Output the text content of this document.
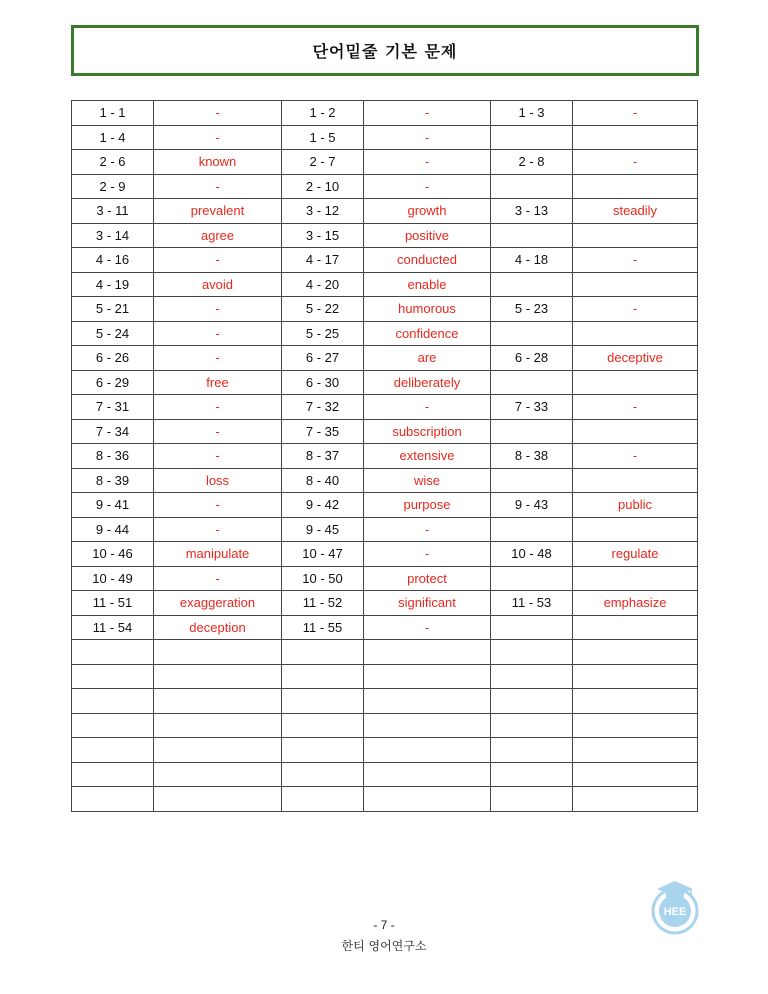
단어밑줄 기본 문제
1 - 1	-	1 - 2	-	1 - 3	-
1 - 4	-	1 - 5	-		
2 - 6	known	2 - 7	-	2 - 8	-
2 - 9	-	2 - 10	-		
3 - 11	prevalent	3 - 12	growth	3 - 13	steadily
3 - 14	agree	3 - 15	positive		
4 - 16	-	4 - 17	conducted	4 - 18	-
4 - 19	avoid	4 - 20	enable		
5 - 21	-	5 - 22	humorous	5 - 23	-
5 - 24	-	5 - 25	confidence		
6 - 26	-	6 - 27	are	6 - 28	deceptive
6 - 29	free	6 - 30	deliberately		
7 - 31	-	7 - 32	-	7 - 33	-
7 - 34	-	7 - 35	subscription		
8 - 36	-	8 - 37	extensive	8 - 38	-
8 - 39	loss	8 - 40	wise		
9 - 41	-	9 - 42	purpose	9 - 43	public
9 - 44	-	9 - 45	-		
10 - 46	manipulate	10 - 47	-	10 - 48	regulate
10 - 49	-	10 - 50	protect		
11 - 51	exaggeration	11 - 52	significant	11 - 53	emphasize
11 - 54	deception	11 - 55	-		

HEE
- 7 -
한티 영어연구소
